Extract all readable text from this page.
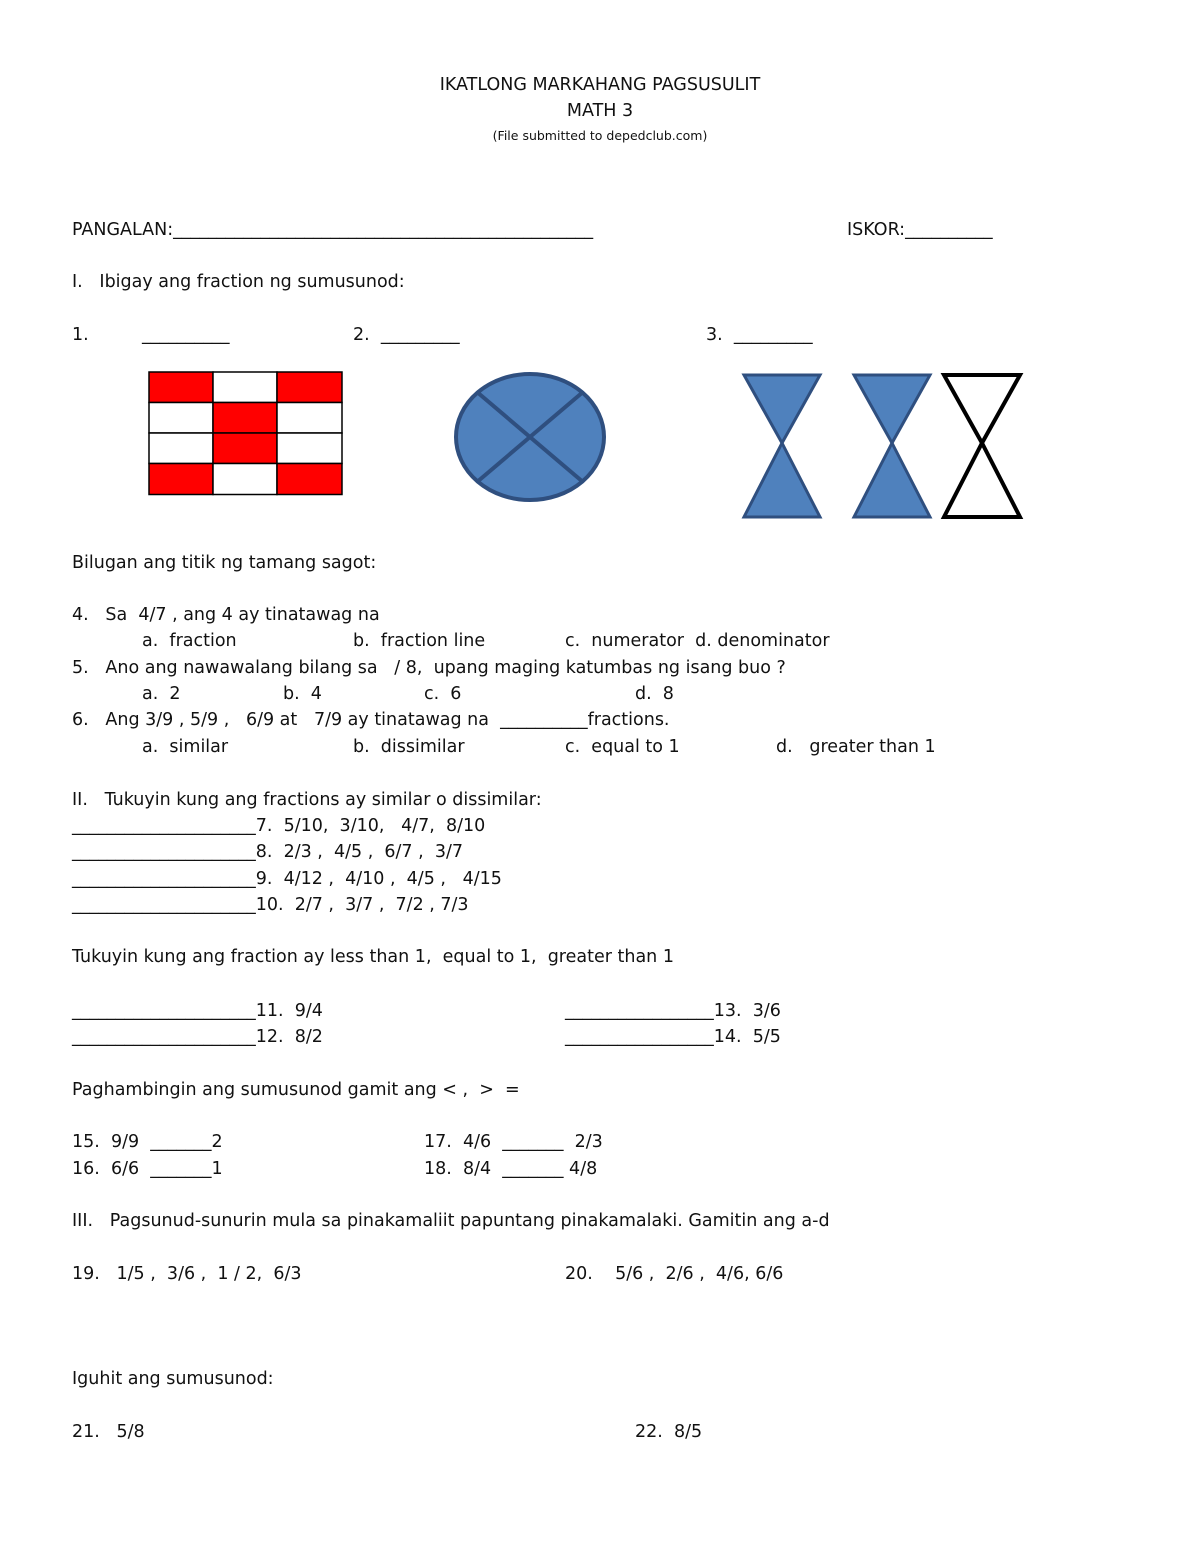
IKATLONG MARKAHANG PAGSUSULIT
MATH 3
(File submitted to depedclub.com)
PANGALAN:________________________________________________	ISKOR:__________
I.   Ibigay ang fraction ng sumusunod:
1.	__________	2.  _________	3.  _________
Bilugan ang titik ng tamang sagot:
4.   Sa  4/7 , ang 4 ay tinatawag na
a.  fraction	b.  fraction line	c.  numerator  d. denominator
5.   Ano ang nawawalang bilang sa   / 8,  upang maging katumbas ng isang buo ?
a.  2	b.  4	c.  6	d.  8
6.   Ang 3/9 , 5/9 ,   6/9 at   7/9 ay tinatawag na  __________fractions.
a.  similar	b.  dissimilar	c.  equal to 1	d.   greater than 1
II.   Tukuyin kung ang fractions ay similar o dissimilar:
_____________________7.  5/10,  3/10,   4/7,  8/10
_____________________8.  2/3 ,  4/5 ,  6/7 ,  3/7
_____________________9.  4/12 ,  4/10 ,  4/5 ,   4/15
_____________________10.  2/7 ,  3/7 ,  7/2 , 7/3
Tukuyin kung ang fraction ay less than 1,  equal to 1,  greater than 1
_____________________11.  9/4
_____________________12.  8/2
_________________13.  3/6
_________________14.  5/5
Paghambingin ang sumusunod gamit ang < ,  >  =
15.  9/9  _______2
16.  6/6  _______1
17.  4/6  _______  2/3
18.  8/4  _______ 4/8
III.   Pagsunud-sunurin mula sa pinakamaliit papuntang pinakamalaki. Gamitin ang a-d
19.   1/5 ,  3/6 ,  1 / 2,  6/3	20.    5/6 ,  2/6 ,  4/6, 6/6
Iguhit ang sumusunod:
21.   5/8	22.  8/5
